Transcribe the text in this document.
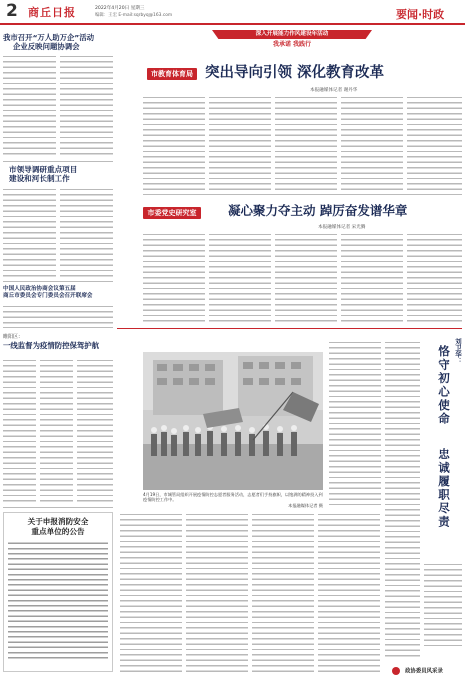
2 商丘日报	2022年4月20日 星期三
编辑：王宏 E-mail:sqrbyq@163.com	要闻·时政
我市召开“万人助万企”活动
企业反映问题协调会
市领导调研重点项目
建设和河长制工作
中国人民政治协商会议第五届
商丘市委员会专门委员会召开联席会
睢阳区：
一线监督为疫情防控保驾护航
关于申报消防安全
重点单位的公告
深入开展能力作风建设年活动
我承诺 我践行
市教育体育局 突出导向引领 深化教育改革
本报融媒体记者 谢丹华
市委党史研究室	凝心聚力夺主动 踔厉奋发谱华章
本报融媒体记者 宋光腾
4月19日，市城管局组织开展疫情防控志愿者服务活动，志愿者们手持旗帜，以饱满的精神投入到疫情防控工作中。
本报融媒体记者 摄
刘卫华：
恪守初心使命
忠诚履职尽责
政协委员风采录
